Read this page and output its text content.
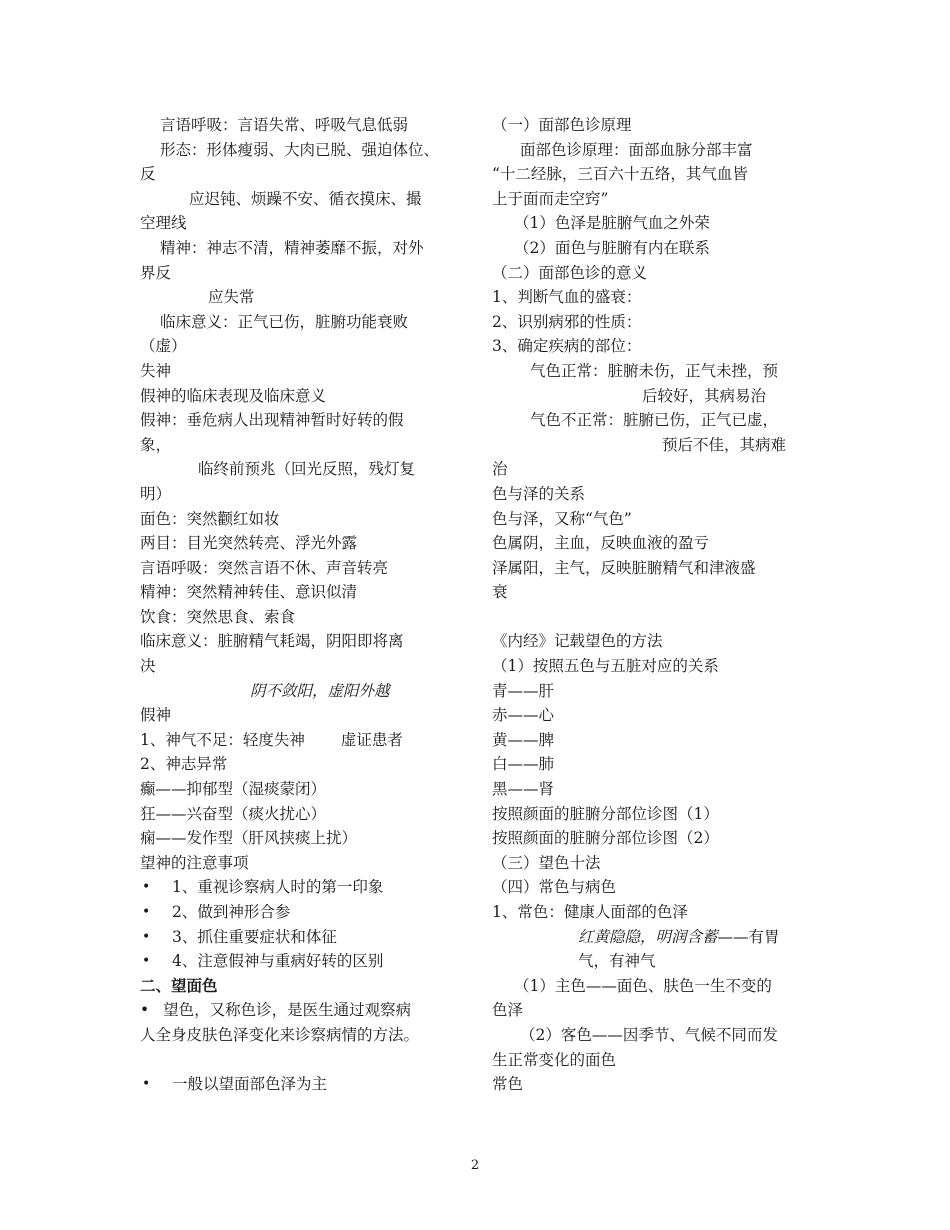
言语呼吸：言语失常、呼吸气息低弱
形态：形体瘦弱、大肉已脱、强迫体位、
反
应迟钝、烦躁不安、循衣摸床、撮
空理线
精神：神志不清，精神萎靡不振，对外
界反
应失常
临床意义：正气已伤，脏腑功能衰败
（虚）
失神
假神的临床表现及临床意义
假神：垂危病人出现精神暂时好转的假
象，
临终前预兆（回光反照，残灯复
明）
面色：突然颧红如妆
两目：目光突然转亮、浮光外露
言语呼吸：突然言语不休、声音转亮
精神：突然精神转佳、意识似清
饮食：突然思食、索食
临床意义：脏腑精气耗竭，阴阳即将离
决
阴不敛阳，虚阳外越
假神
1、神气不足：轻度失神 虚证患者
2、神志异常
癫——抑郁型（湿痰蒙闭）
狂——兴奋型（痰火扰心）
痫——发作型（肝风挟痰上扰）
望神的注意事项
• 1、重视诊察病人时的第一印象
• 2、做到神形合参
• 3、抓住重要症状和体征
• 4、注意假神与重病好转的区别
二、望面色
• 望色，又称色诊，是医生通过观察病
人全身皮肤色泽变化来诊察病情的方法。
• 一般以望面部色泽为主
（一）面部色诊原理
面部色诊原理：面部血脉分部丰富
“十二经脉，三百六十五络，其气血皆
上于面而走空窍”
（1）色泽是脏腑气血之外荣
（2）面色与脏腑有内在联系
（二）面部色诊的意义
1、判断气血的盛衰：
2、识别病邪的性质：
3、确定疾病的部位：
气色正常：脏腑未伤，正气未挫，预
后较好，其病易治
气色不正常：脏腑已伤，正气已虚，
预后不佳，其病难
治
色与泽的关系
色与泽，又称“气色”
色属阴，主血，反映血液的盈亏
泽属阳，主气，反映脏腑精气和津液盛
衰
《内经》记载望色的方法
（1）按照五色与五脏对应的关系
青——肝
赤——心
黄——脾
白——肺
黑——肾
按照颜面的脏腑分部位诊图（1）
按照颜面的脏腑分部位诊图（2）
（三）望色十法
（四）常色与病色
1、常色：健康人面部的色泽
红黄隐隐，明润含蓄——有胃
气，有神气
（1）主色——面色、肤色一生不变的
色泽
（2）客色——因季节、气候不同而发
生正常变化的面色
常色
2
